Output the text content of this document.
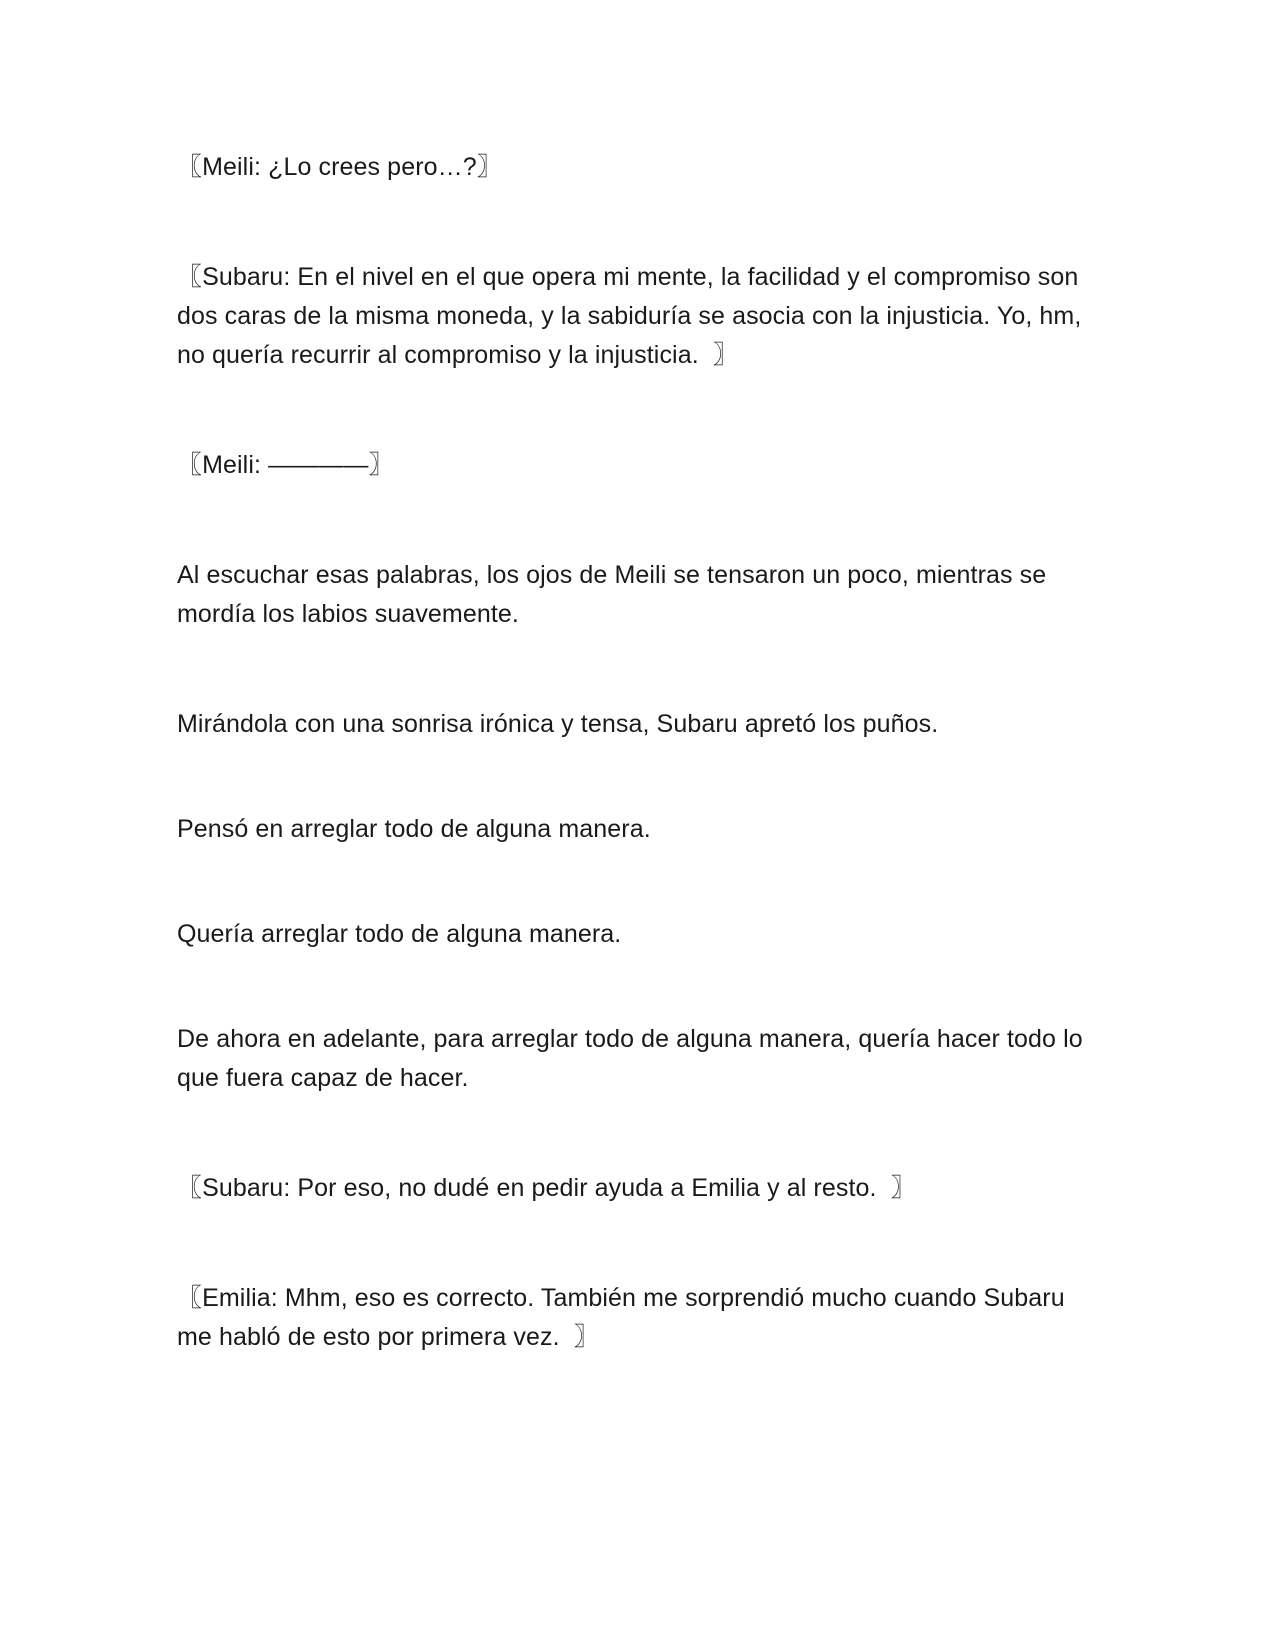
〖Meili: ¿Lo crees pero…?〗

〖Subaru: En el nivel en el que opera mi mente, la facilidad y el compromiso son dos caras de la misma moneda, y la sabiduría se asocia con la injusticia. Yo, hm, no quería recurrir al compromiso y la injusticia.  〗

〖Meili: ————〗

Al escuchar esas palabras, los ojos de Meili se tensaron un poco, mientras se mordía los labios suavemente.

Mirándola con una sonrisa irónica y tensa, Subaru apretó los puños.

Pensó en arreglar todo de alguna manera.

Quería arreglar todo de alguna manera.

De ahora en adelante, para arreglar todo de alguna manera, quería hacer todo lo que fuera capaz de hacer.

〖Subaru: Por eso, no dudé en pedir ayuda a Emilia y al resto.  〗

〖Emilia: Mhm, eso es correcto. También me sorprendió mucho cuando Subaru me habló de esto por primera vez.  〗
